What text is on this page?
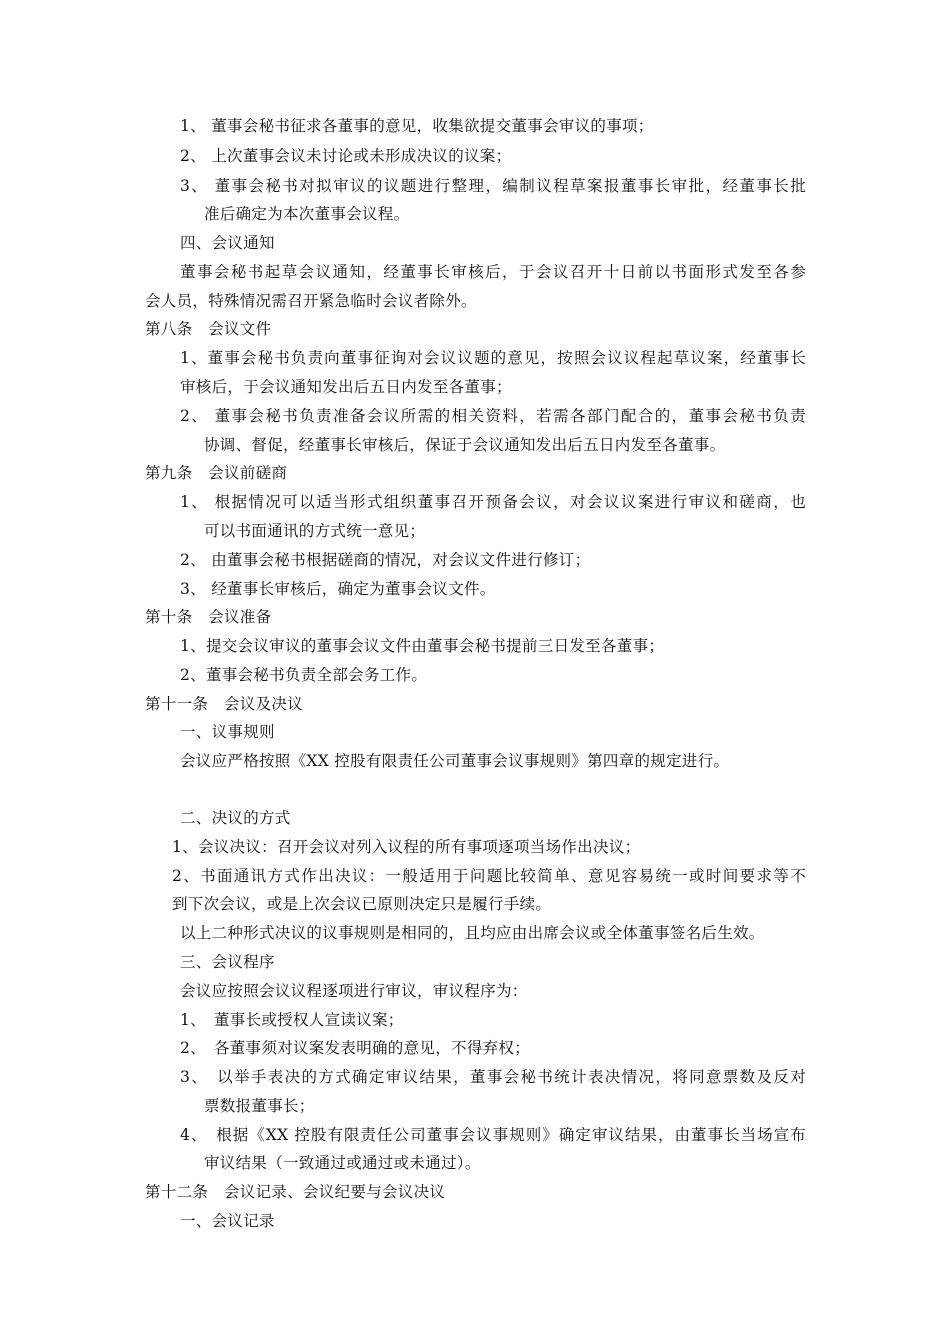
1、 董事会秘书征求各董事的意见，收集欲提交董事会审议的事项；
2、 上次董事会议未讨论或未形成决议的议案；
3、 董事会秘书对拟审议的议题进行整理，编制议程草案报董事长审批，经董事长批
准后确定为本次董事会议程。
四、会议通知
董事会秘书起草会议通知，经董事长审核后，于会议召开十日前以书面形式发至各参
会人员，特殊情况需召开紧急临时会议者除外。
第八条　会议文件
1、董事会秘书负责向董事征询对会议议题的意见，按照会议议程起草议案，经董事长
审核后，于会议通知发出后五日内发至各董事；
2、 董事会秘书负责准备会议所需的相关资料，若需各部门配合的，董事会秘书负责
协调、督促，经董事长审核后，保证于会议通知发出后五日内发至各董事。
第九条　会议前磋商
1、 根据情况可以适当形式组织董事召开预备会议，对会议议案进行审议和磋商，也
可以书面通讯的方式统一意见；
2、 由董事会秘书根据磋商的情况，对会议文件进行修订；
3、 经董事长审核后，确定为董事会议文件。
第十条　会议准备
1、提交会议审议的董事会议文件由董事会秘书提前三日发至各董事；
2、董事会秘书负责全部会务工作。
第十一条　会议及决议
一、议事规则
会议应严格按照《XX 控股有限责任公司董事会议事规则》第四章的规定进行。
二、决议的方式
1、会议决议：召开会议对列入议程的所有事项逐项当场作出决议；
2、书面通讯方式作出决议：一般适用于问题比较简单、意见容易统一或时间要求等不
到下次会议，或是上次会议已原则决定只是履行手续。
以上二种形式决议的议事规则是相同的，且均应由出席会议或全体董事签名后生效。
三、会议程序
会议应按照会议议程逐项进行审议，审议程序为：
1、　董事长或授权人宣读议案；
2、　各董事须对议案发表明确的意见，不得弃权；
3、　以举手表决的方式确定审议结果，董事会秘书统计表决情况，将同意票数及反对
票数报董事长；
4、　根据《XX 控股有限责任公司董事会议事规则》确定审议结果，由董事长当场宣布
审议结果（一致通过或通过或未通过）。
第十二条　会议记录、会议纪要与会议决议
一、会议记录
